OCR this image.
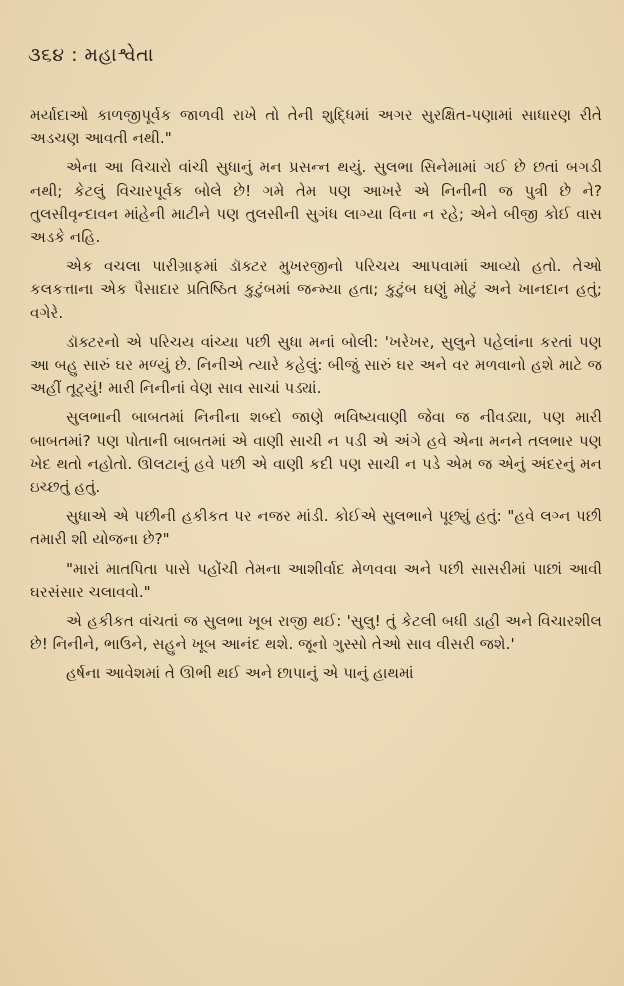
૩૬૪ : મહાશ્વેતા

મર્યાદાઓ કાળજીપૂર્વક જાળવી રાખે તો તેની શુદ્ધિમાં અગર સુરક્ષિત-પણામાં સાધારણ રીતે અડચણ આવતી નથી."

એના આ વિચારો વાંચી સુધાનું મન પ્રસન્ન થયું. સુલભા સિનેમામાં ગઈ છે છતાં બગડી નથી; કેટલું વિચારપૂર્વક બોલે છે! ગમે તેમ પણ આખરે એ નિનીની જ પુત્રી છે ને? તુલસીવૃન્દાવન માંહેની માટીને પણ તુલસીની સુગંધ લાગ્યા વિના ન રહે; એને બીજી કોઈ વાસ અડકે નહિ.

એક વચલા પારીગ્રાફમાં ડૉક્ટર મુખરજીનો પરિચય આપવામાં આવ્યો હતો. તેઓ કલકત્તાના એક પૈસાદાર પ્રતિષ્ઠિત કુટુંબમાં જન્મ્યા હતા; કુટુંબ ઘણું મોટું અને ખાનદાન હતું; વગેરે.

ડૉક્ટરનો એ પરિચય વાંચ્યા પછી સુધા મનાં બોલી: 'ખરેખર, સુલુને પહેલાંના કરતાં પણ આ બહુ સારું ઘર મળ્યું છે. નિનીએ ત્યારે કહેલું: બીજું સારું ઘર અને વર મળવાનો હશે માટે જ અહીં તૂટ્યું! મારી નિનીનાં વેણ સાવ સાચાં પડ્યાં.

સુલભાની બાબતમાં નિનીના શબ્દો જાણે ભવિષ્યવાણી જેવા જ નીવડ્યા, પણ મારી બાબતમાં? પણ પોતાની બાબતમાં એ વાણી સાચી ન પડી એ અંગે હવે એના મનને તલભાર પણ ખેદ થતો નહોતો. ઊલટાનું હવે પછી એ વાણી કદી પણ સાચી ન પડે એમ જ એનું અંદરનું મન ઇચ્છતું હતું.

સુધાએ એ પછીની હકીકત પર નજર માંડી. કોઈએ સુલભાને પૂછ્યું હતું: "હવે લગ્ન પછી તમારી શી યોજના છે?"

"મારાં માતપિતા પાસે પહોંચી તેમના આશીર્વાદ મેળવવા અને પછી સાસરીમાં પાછાં આવી ઘરસંસાર ચલાવવો."

એ હકીકત વાંચતાં જ સુલભા ખૂબ રાજી થઈ: 'સુલુ! તું કેટલી બધી ડાહી અને વિચારશીલ છે! નિનીને, ભાઉને, સહુને ખૂબ આનંદ થશે. જૂનો ગુસ્સો તેઓ સાવ વીસરી જશે.'

હર્ષના આવેશમાં તે ઊભી થઈ અને છાપાનું એ પાનું હાથમાં
